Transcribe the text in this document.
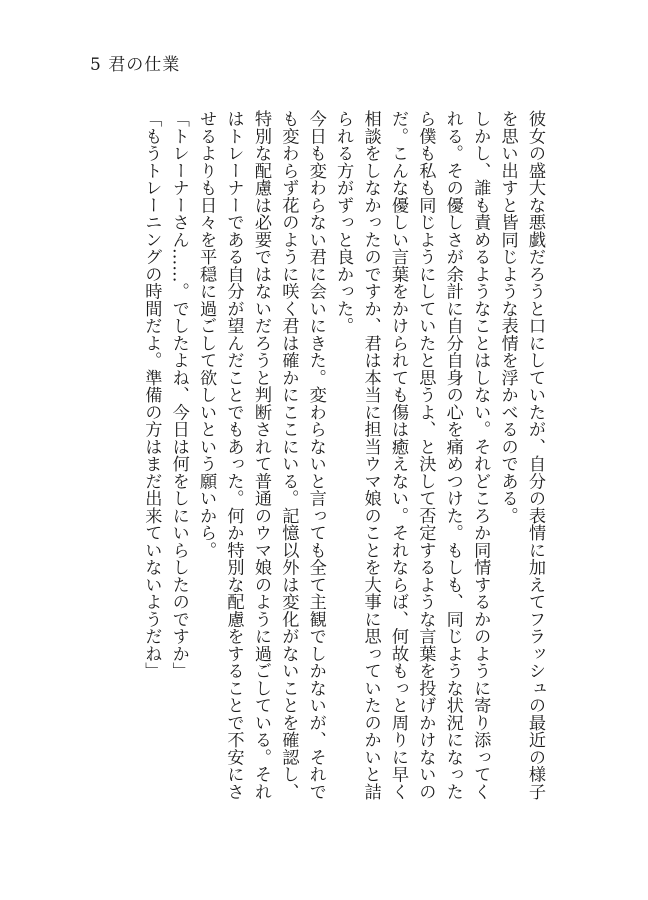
5 君の仕業

彼女の盛大な悪戯だろうと口にしていたが、自分の表情に加えてフラッシュの最近の様子を思い出すと皆同じような表情を浮かべるのである。

しかし、誰も責めるようなことはしない。それどころか同情するかのように寄り添ってくれる。その優しさが余計に自分自身の心を痛めつけた。もしも、同じような状況になったら僕も私も同じようにしていたと思うよ、と決して否定するような言葉を投げかけないのだ。こんな優しい言葉をかけられても傷は癒えない。それならば、何故もっと周りに早く相談をしなかったのですか、君は本当に担当ウマ娘のことを大事に思っていたのかいと詰られる方がずっと良かった。

今日も変わらない君に会いにきた。変わらないと言っても全て主観でしかないが、それでも変わらず花のように咲く君は確かにここにいる。記憶以外は変化がないことを確認し、特別な配慮は必要ではないだろうと判断されて普通のウマ娘のように過ごしている。それはトレーナーである自分が望んだことでもあった。何か特別な配慮をすることで不安にさせるよりも日々を平穏に過ごして欲しいという願いから。

「トレーナーさん……。でしたよね、今日は何をしにいらしたのですか」

「もうトレーニングの時間だよ。準備の方はまだ出来ていないようだね」
